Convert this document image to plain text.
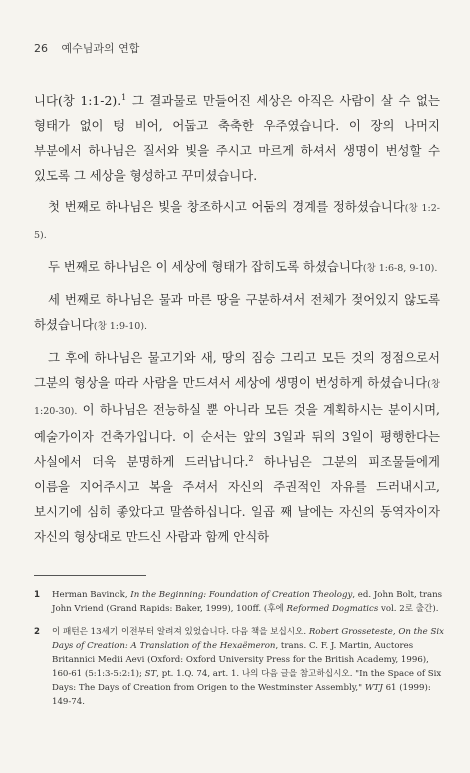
26 예수님과의 연합

니다(창 1:1-2).$^1$ 그 결과물로 만들어진 세상은 아직은 사람이 살 수 없는 형태가 없이 텅 비어, 어둡고 축축한 우주였습니다. 이 장의 나머지 부분에서 하나님은 질서와 빛을 주시고 마르게 하셔서 생명이 번성할 수 있도록 그 세상을 형성하고 꾸미셨습니다.

첫 번째로 하나님은 빛을 창조하시고 어둠의 경계를 정하셨습니다(창 1:2-5).

두 번째로 하나님은 이 세상에 형태가 잡히도록 하셨습니다(창 1:6-8, 9-10).

세 번째로 하나님은 물과 마른 땅을 구분하셔서 전체가 젖어있지 않도록 하셨습니다(창 1:9-10).

그 후에 하나님은 물고기와 새, 땅의 짐승 그리고 모든 것의 정점으로서 그분의 형상을 따라 사람을 만드셔서 세상에 생명이 번성하게 하셨습니다(창 1:20-30). 이 하나님은 전능하실 뿐 아니라 모든 것을 계획하시는 분이시며, 예술가이자 건축가입니다. 이 순서는 앞의 3일과 뒤의 3일이 평행한다는 사실에서 더욱 분명하게 드러납니다.$^2$ 하나님은 그분의 피조물들에게 이름을 지어주시고 복을 주셔서 자신의 주권적인 자유를 드러내시고, 보시기에 심히 좋았다고 말씀하십니다. 일곱 째 날에는 자신의 동역자이자 자신의 형상대로 만드신 사람과 함께 안식하

1	Herman Bavinck, In the Beginning: Foundation of Creation Theology, ed. John Bolt, trans John Vriend (Grand Rapids: Baker, 1999), 100ff. (후에 Reformed Dogmatics vol. 2로 출간).
2	이 패턴은 13세기 이전부터 알려져 있었습니다. 다음 책을 보십시오. Robert Grosseteste, On the Six Days of Creation: A Translation of the Hexaëmeron, trans. C. F. J. Martin, Auctores Britannici Medii Aevi (Oxford: Oxford University Press for the British Academy, 1996), 160-61 (5:1:3-5:2:1); ST, pt. 1.Q. 74, art. 1. 나의 다음 글을 참고하십시오. "In the Space of Six Days: The Days of Creation from Origen to the Westminster Assembly," WTJ 61 (1999): 149-74.
